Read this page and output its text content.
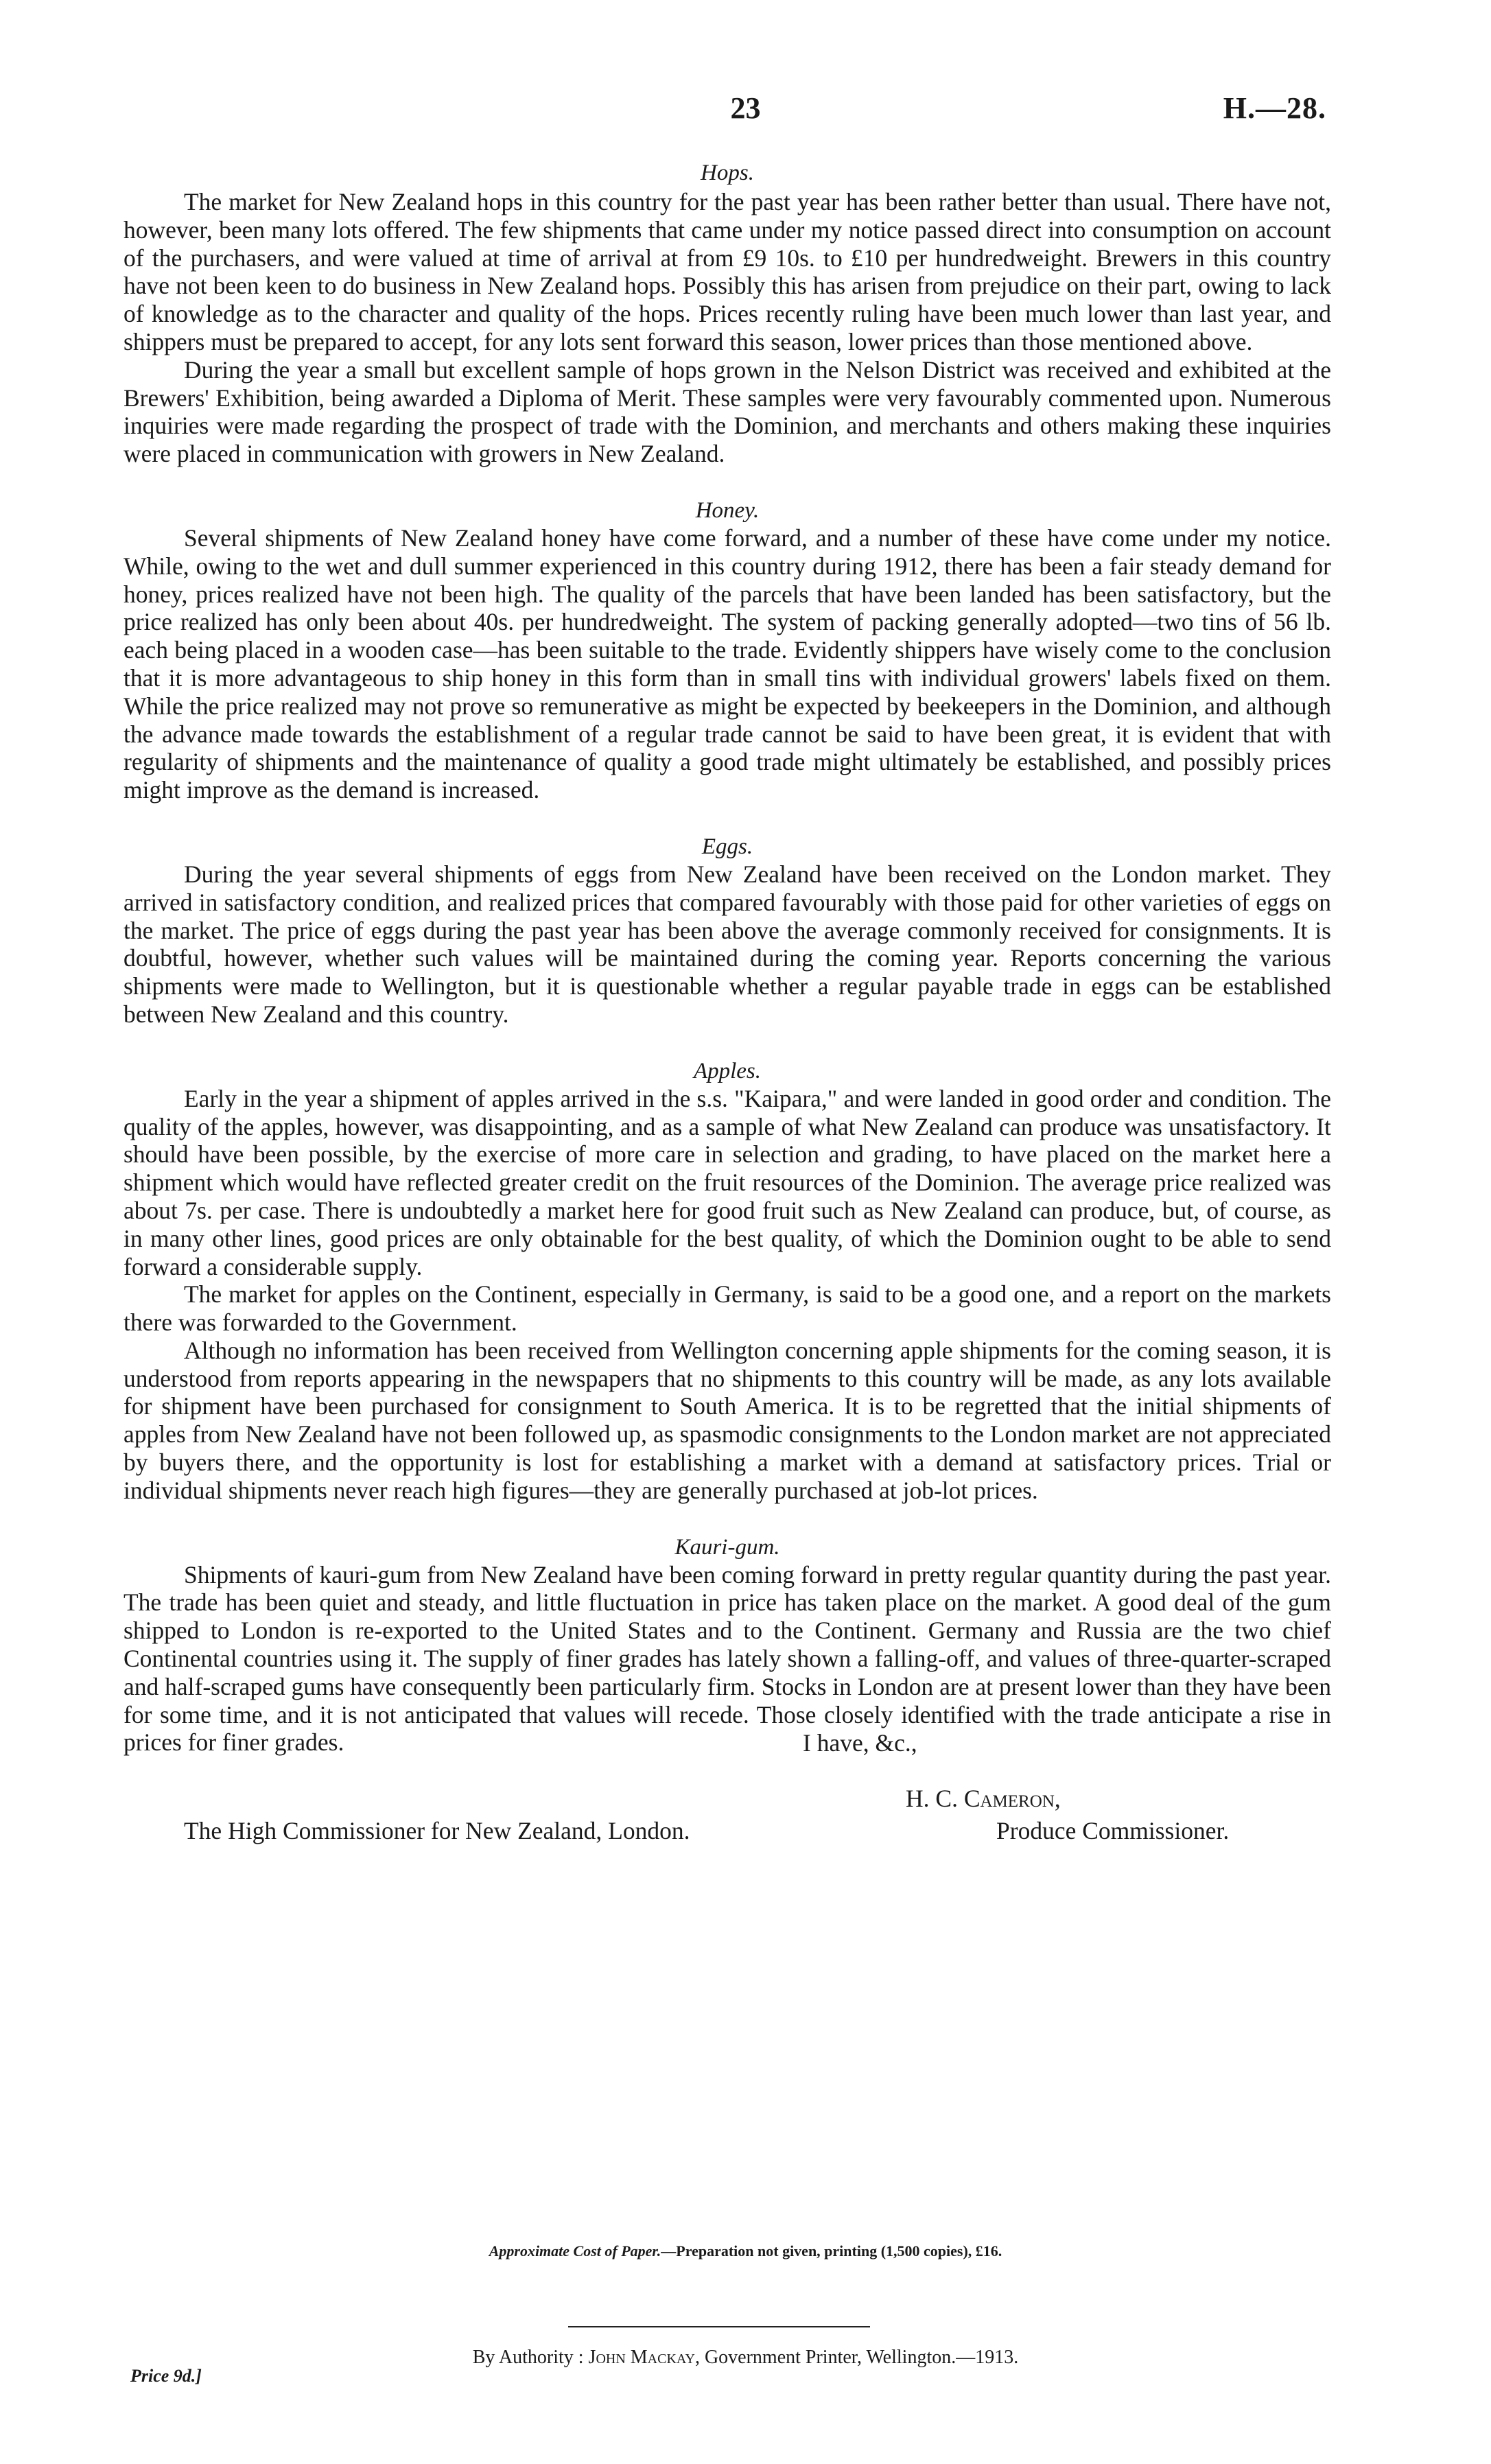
23	H.—28.

Hops.

The market for New Zealand hops in this country for the past year has been rather better than usual. There have not, however, been many lots offered. The few shipments that came under my notice passed direct into consumption on account of the purchasers, and were valued at time of arrival at from £9 10s. to £10 per hundredweight. Brewers in this country have not been keen to do business in New Zealand hops. Possibly this has arisen from prejudice on their part, owing to lack of knowledge as to the character and quality of the hops. Prices recently ruling have been much lower than last year, and shippers must be prepared to accept, for any lots sent forward this season, lower prices than those mentioned above.

During the year a small but excellent sample of hops grown in the Nelson District was received and exhibited at the Brewers' Exhibition, being awarded a Diploma of Merit. These samples were very favourably commented upon. Numerous inquiries were made regarding the prospect of trade with the Dominion, and merchants and others making these inquiries were placed in communication with growers in New Zealand.

Honey.

Several shipments of New Zealand honey have come forward, and a number of these have come under my notice. While, owing to the wet and dull summer experienced in this country during 1912, there has been a fair steady demand for honey, prices realized have not been high. The quality of the parcels that have been landed has been satisfactory, but the price realized has only been about 40s. per hundredweight. The system of packing generally adopted—two tins of 56 lb. each being placed in a wooden case—has been suitable to the trade. Evidently shippers have wisely come to the conclusion that it is more advantageous to ship honey in this form than in small tins with individual growers' labels fixed on them. While the price realized may not prove so remunerative as might be expected by beekeepers in the Dominion, and although the advance made towards the establishment of a regular trade cannot be said to have been great, it is evident that with regularity of shipments and the maintenance of quality a good trade might ultimately be established, and possibly prices might improve as the demand is increased.

Eggs.

During the year several shipments of eggs from New Zealand have been received on the London market. They arrived in satisfactory condition, and realized prices that compared favourably with those paid for other varieties of eggs on the market. The price of eggs during the past year has been above the average commonly received for consignments. It is doubtful, however, whether such values will be maintained during the coming year. Reports concerning the various shipments were made to Wellington, but it is questionable whether a regular payable trade in eggs can be established between New Zealand and this country.

Apples.

Early in the year a shipment of apples arrived in the s.s. "Kaipara," and were landed in good order and condition. The quality of the apples, however, was disappointing, and as a sample of what New Zealand can produce was unsatisfactory. It should have been possible, by the exercise of more care in selection and grading, to have placed on the market here a shipment which would have reflected greater credit on the fruit resources of the Dominion. The average price realized was about 7s. per case. There is undoubtedly a market here for good fruit such as New Zealand can produce, but, of course, as in many other lines, good prices are only obtainable for the best quality, of which the Dominion ought to be able to send forward a considerable supply.

The market for apples on the Continent, especially in Germany, is said to be a good one, and a report on the markets there was forwarded to the Government.

Although no information has been received from Wellington concerning apple shipments for the coming season, it is understood from reports appearing in the newspapers that no shipments to this country will be made, as any lots available for shipment have been purchased for consignment to South America. It is to be regretted that the initial shipments of apples from New Zealand have not been followed up, as spasmodic consignments to the London market are not appreciated by buyers there, and the opportunity is lost for establishing a market with a demand at satisfactory prices. Trial or individual shipments never reach high figures—they are generally purchased at job-lot prices.

Kauri-gum.

Shipments of kauri-gum from New Zealand have been coming forward in pretty regular quantity during the past year. The trade has been quiet and steady, and little fluctuation in price has taken place on the market. A good deal of the gum shipped to London is re-exported to the United States and to the Continent. Germany and Russia are the two chief Continental countries using it. The supply of finer grades has lately shown a falling-off, and values of three-quarter-scraped and half-scraped gums have consequently been particularly firm. Stocks in London are at present lower than they have been for some time, and it is not anticipated that values will recede. Those closely identified with the trade anticipate a rise in prices for finer grades.	I have, &c.,
H. C. Cameron,
The High Commissioner for New Zealand, London.	Produce Commissioner.
Approximate Cost of Paper.—Preparation not given, printing (1,500 copies), £16.
By Authority : John Mackay, Government Printer, Wellington.—1913.
Price 9d.]
